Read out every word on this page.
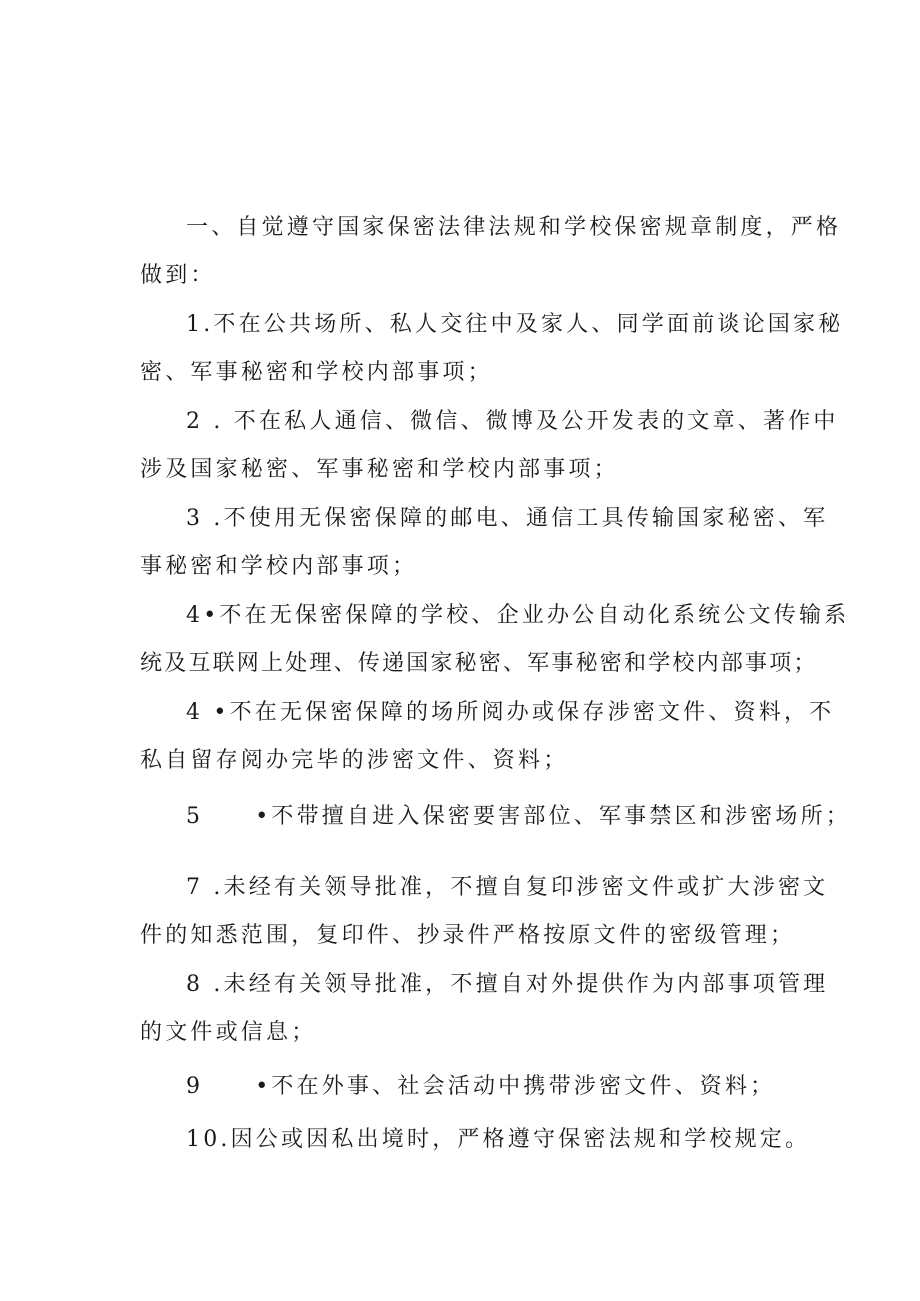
一、自觉遵守国家保密法律法规和学校保密规章制度，严格
做到：
1.不在公共场所、私人交往中及家人、同学面前谈论国家秘
密、军事秘密和学校内部事项；
2 . 不在私人通信、微信、微博及公开发表的文章、著作中
涉及国家秘密、军事秘密和学校内部事项；
3 .不使用无保密保障的邮电、通信工具传输国家秘密、军
事秘密和学校内部事项；
4•不在无保密保障的学校、企业办公自动化系统公文传输系
统及互联网上处理、传递国家秘密、军事秘密和学校内部事项；
4 •不在无保密保障的场所阅办或保存涉密文件、资料，不
私自留存阅办完毕的涉密文件、资料；
5 •不带擅自进入保密要害部位、军事禁区和涉密场所；
7 .未经有关领导批准，不擅自复印涉密文件或扩大涉密文
件的知悉范围，复印件、抄录件严格按原文件的密级管理；
8 .未经有关领导批准，不擅自对外提供作为内部事项管理
的文件或信息；
9 •不在外事、社会活动中携带涉密文件、资料；
10.因公或因私出境时，严格遵守保密法规和学校规定。
